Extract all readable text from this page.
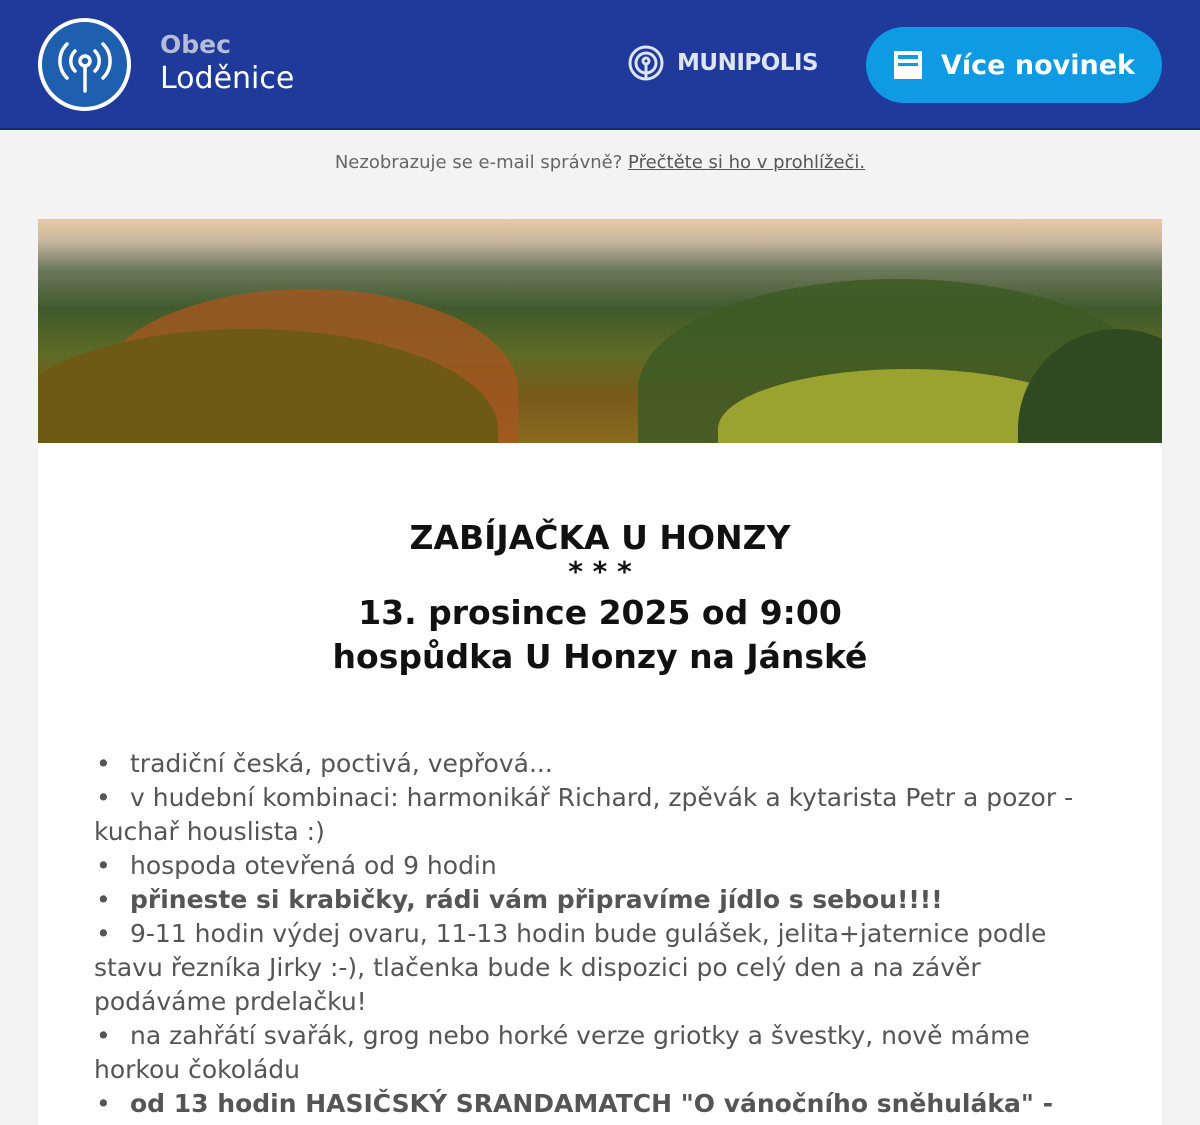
Obec
Loděnice	MUNIPOLIS	Více novinek
Nezobrazuje se e-mail správně? Přečtěte si ho v prohlížeči.
ZABÍJAČKA U HONZY
* * *
13. prosince 2025 od 9:00
hospůdka U Honzy na Jánské
• tradiční česká, poctivá, vepřová...
• v hudební kombinaci: harmonikář Richard, zpěvák a kytarista Petr a pozor - kuchař houslista :)
• hospoda otevřená od 9 hodin
• přineste si krabičky, rádi vám připravíme jídlo s sebou!!!!
• 9-11 hodin výdej ovaru, 11-13 hodin bude gulášek, jelita+jaternice podle stavu řezníka Jirky :-), tlačenka bude k dispozici po celý den a na závěr podáváme prdelačku!
• na zahřátí svařák, grog nebo horké verze griotky a švestky, nově máme horkou čokoládu
• od 13 hodin HASIČSKÝ SRANDAMATCH "O vánočního sněhuláka" -
